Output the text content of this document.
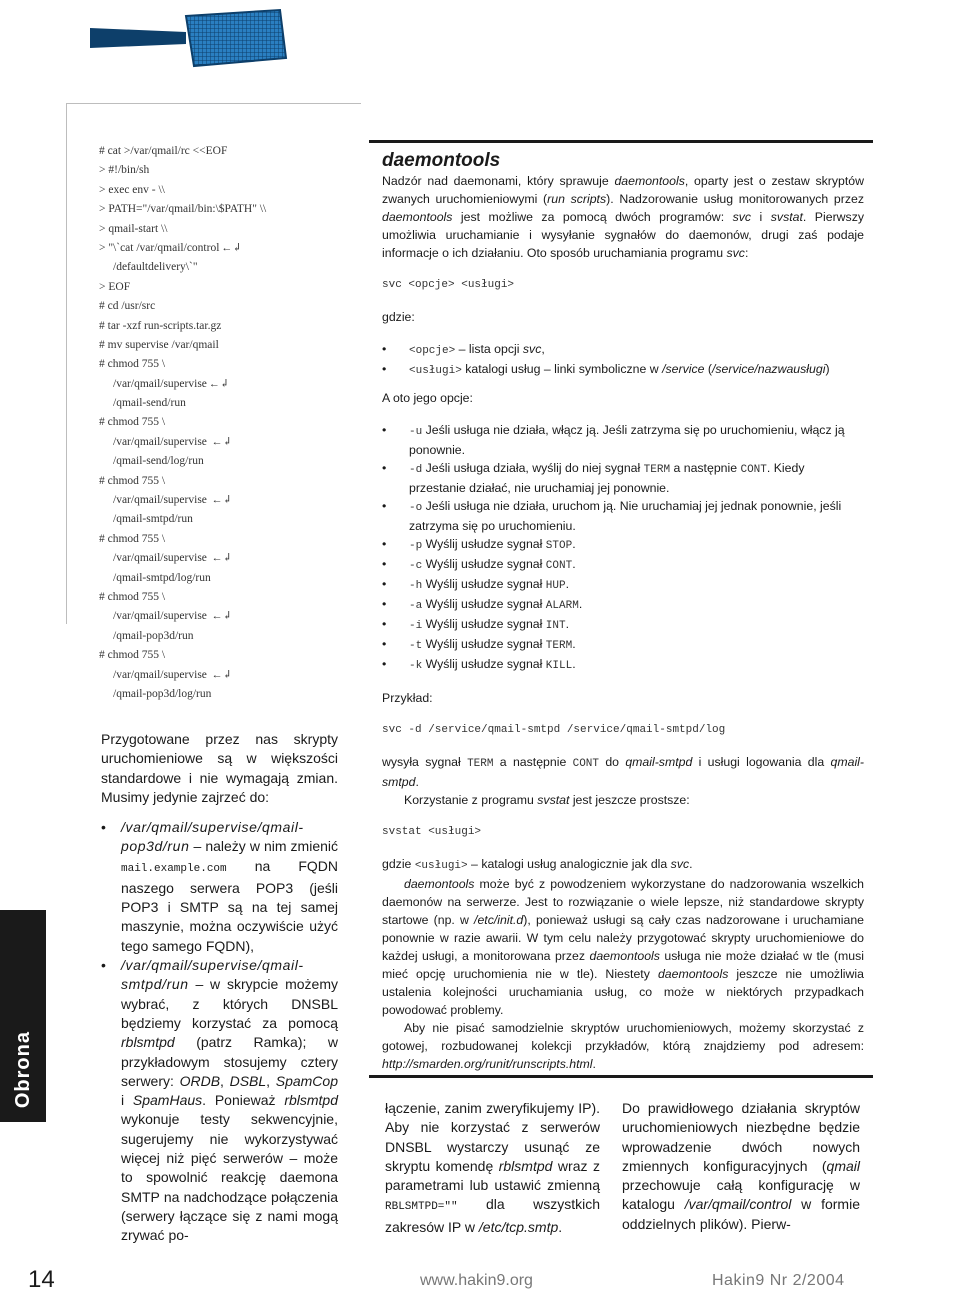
Obrona
# cat >/var/qmail/rc <<EOF
> #!/bin/sh
> exec env - \\
> PATH="/var/qmail/bin:\$PATH" \\
> qmail-start \\
> "\`cat /var/qmail/control ←↲
/defaultdelivery\`"
> EOF
# cd /usr/src
# tar -xzf run-scripts.tar.gz
# mv supervise /var/qmail
# chmod 755 \
/var/qmail/supervise ←↲
/qmail-send/run
# chmod 755 \
/var/qmail/supervise ←↲
/qmail-send/log/run
# chmod 755 \
/var/qmail/supervise ←↲
/qmail-smtpd/run
# chmod 755 \
/var/qmail/supervise ←↲
/qmail-smtpd/log/run
# chmod 755 \
/var/qmail/supervise ←↲
/qmail-pop3d/run
# chmod 755 \
/var/qmail/supervise ←↲
/qmail-pop3d/log/run

Przygotowane przez nas skrypty uruchomieniowe są w większości standardowe i nie wymagają zmian. Musimy jedynie zajrzeć do:

• /var/qmail/supervise/qmail-pop3d/run – należy w nim zmienić mail.example.com na FQDN naszego serwera POP3 (jeśli POP3 i SMTP są na tej samej maszynie, można oczywiście użyć tego samego FQDN),
• /var/qmail/supervise/qmail-smtpd/run – w skrypcie możemy wybrać, z których DNSBL będziemy korzystać za pomocą rblsmtpd (patrz Ramka); w przykładowym stosujemy cztery serwery: ORDB, DSBL, SpamCop i SpamHaus. Ponieważ rblsmtpd wykonuje testy sekwencyjnie, sugerujemy nie wykorzystywać więcej niż pięć serwerów – może to spowolnić reakcję daemona SMTP na nadchodzące połączenia (serwery łączące się z nami mogą zrywać po-
daemontools

Nadzór nad daemonami, który sprawuje daemontools, oparty jest o zestaw skryptów zwanych uruchomieniowymi (run scripts). Nadzorowanie usług monitorowanych przez daemontools jest możliwe za pomocą dwóch programów: svc i svstat. Pierwszy umożliwia uruchamianie i wysyłanie sygnałów do daemonów, drugi zaś podaje informacje o ich działaniu. Oto sposób uruchamiania programu svc:

svc <opcje> <usługi>

gdzie:

• <opcje> – lista opcji svc,
• <usługi> katalogi usług – linki symboliczne w /service (/service/nazwausługi)

A oto jego opcje:

• -u Jeśli usługa nie działa, włącz ją. Jeśli zatrzyma się po uruchomieniu, włącz ją ponownie.
• -d Jeśli usługa działa, wyślij do niej sygnał TERM a następnie CONT. Kiedy przestanie działać, nie uruchamiaj jej ponownie.
• -o Jeśli usługa nie działa, uruchom ją. Nie uruchamiaj jej jednak ponownie, jeśli zatrzyma się po uruchomieniu.
• -p Wyślij usłudze sygnał STOP.
• -c Wyślij usłudze sygnał CONT.
• -h Wyślij usłudze sygnał HUP.
• -a Wyślij usłudze sygnał ALARM.
• -i Wyślij usłudze sygnał INT.
• -t Wyślij usłudze sygnał TERM.
• -k Wyślij usłudze sygnał KILL.

Przykład:

svc -d /service/qmail-smtpd /service/qmail-smtpd/log

wysyła sygnał TERM a następnie CONT do qmail-smtpd i usługi logowania dla qmail-smtpd.

Korzystanie z programu svstat jest jeszcze prostsze:

svstat <usługi>

gdzie <usługi> – katalogi usług analogicznie jak dla svc.

daemontools może być z powodzeniem wykorzystane do nadzorowania wszelkich daemonów na serwerze. Jest to rozwiązanie o wiele lepsze, niż standardowe skrypty startowe (np. w /etc/init.d), ponieważ usługi są cały czas nadzorowane i uruchamiane ponownie w razie awarii. W tym celu należy przygotować skrypty uruchomieniowe do każdej usługi, a monitorowana przez daemontools usługa nie może działać w tle (musi mieć opcję uruchomienia nie w tle). Niestety daemontools jeszcze nie umożliwia ustalenia kolejności uruchamiania usług, co może w niektórych przypadkach powodować problemy.

Aby nie pisać samodzielnie skryptów uruchomieniowych, możemy skorzystać z gotowej, rozbudowanej kolekcji przykładów, którą znajdziemy pod adresem: http://smarden.org/runit/runscripts.html.

łączenie, zanim zweryfikujemy IP). Aby nie korzystać z serwerów DNSBL wystarczy usunąć ze skryptu komendę rblsmtpd wraz z parametrami lub ustawić zmienną RBLSMTPD="" dla wszystkich zakresów IP w /etc/tcp.smtp.

Do prawidłowego działania skryptów uruchomieniowych niezbędne będzie wprowadzenie dwóch nowych zmiennych konfiguracyjnych (qmail przechowuje całą konfigurację w katalogu /var/qmail/control w formie oddzielnych plików). Pierw-

14	www.hakin9.org	Hakin9 Nr 2/2004
